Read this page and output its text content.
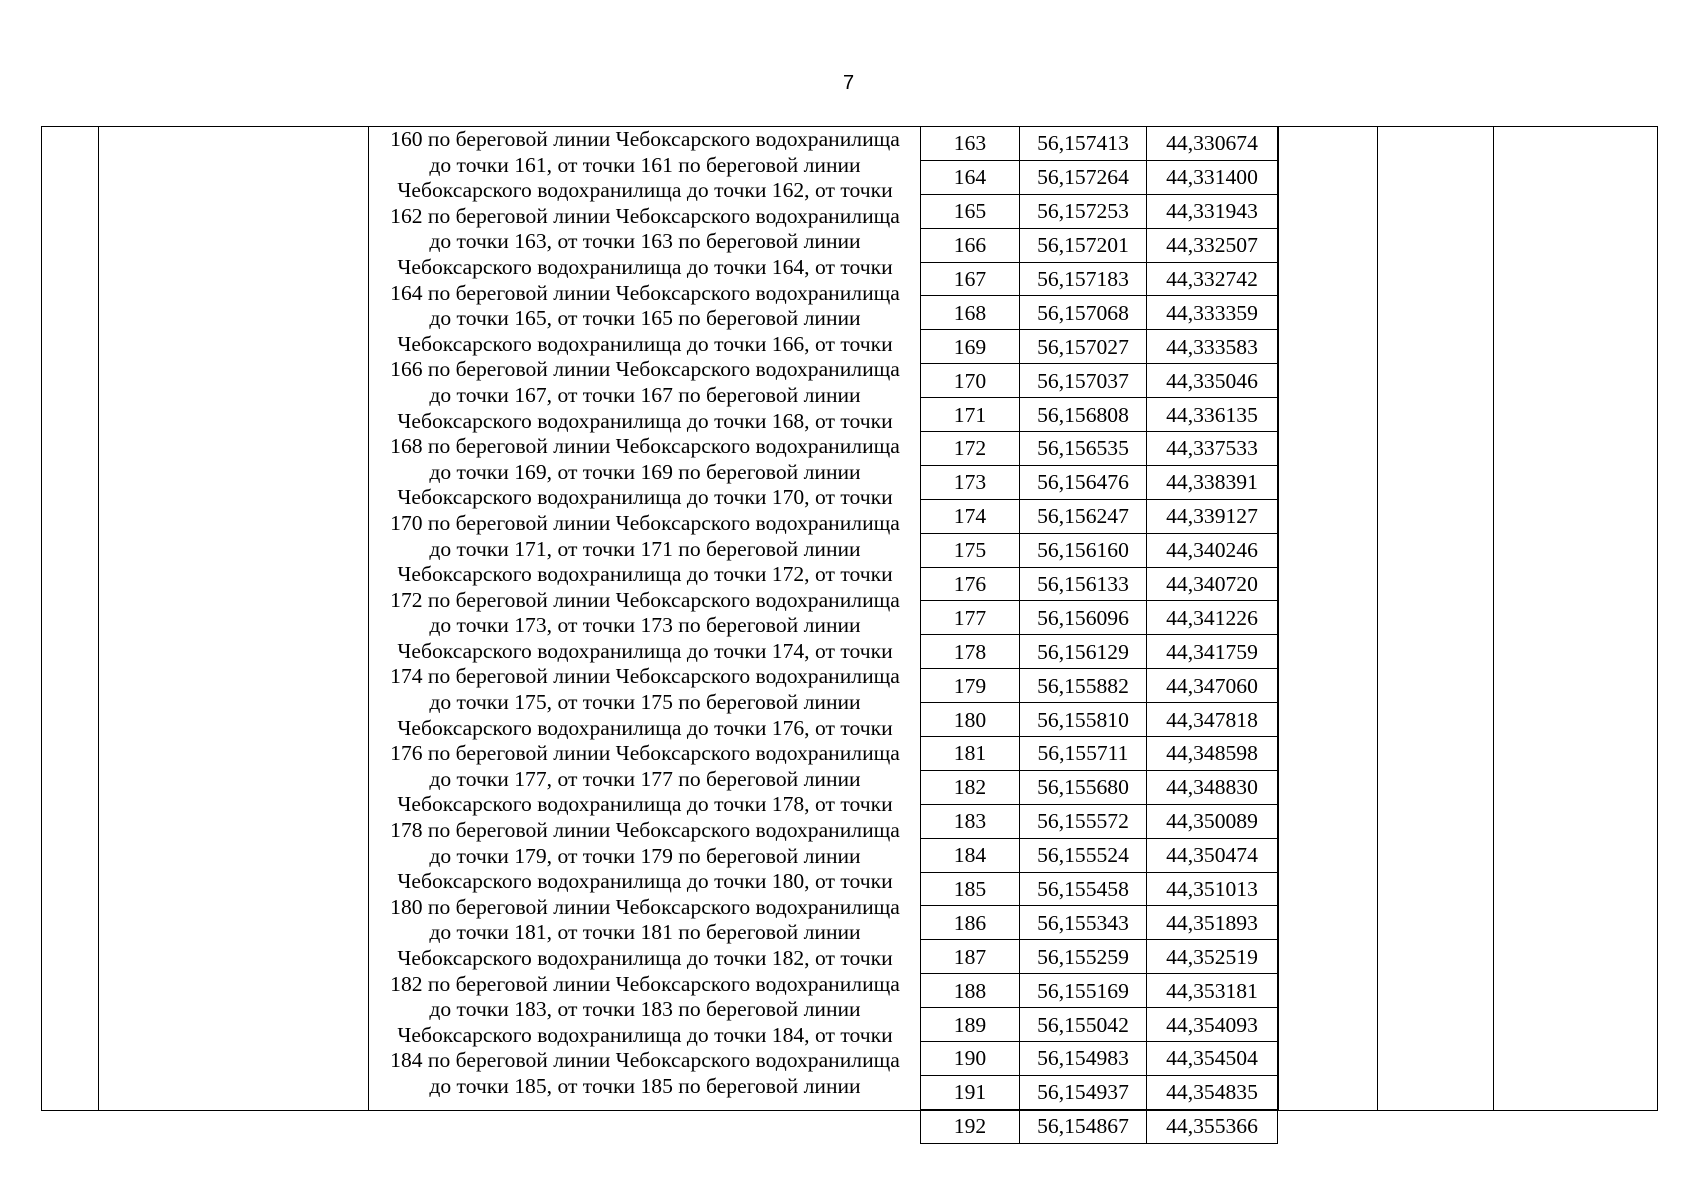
7
160 по береговой линии Чебоксарского водохранилища
до точки 161, от точки 161 по береговой линии
Чебоксарского водохранилища до точки 162, от точки
162 по береговой линии Чебоксарского водохранилища
до точки 163, от точки 163 по береговой линии
Чебоксарского водохранилища до точки 164, от точки
164 по береговой линии Чебоксарского водохранилища
до точки 165, от точки 165 по береговой линии
Чебоксарского водохранилища до точки 166, от точки
166 по береговой линии Чебоксарского водохранилища
до точки 167, от точки 167 по береговой линии
Чебоксарского водохранилища до точки 168, от точки
168 по береговой линии Чебоксарского водохранилища
до точки 169, от точки 169 по береговой линии
Чебоксарского водохранилища до точки 170, от точки
170 по береговой линии Чебоксарского водохранилища
до точки 171, от точки 171 по береговой линии
Чебоксарского водохранилища до точки 172, от точки
172 по береговой линии Чебоксарского водохранилища
до точки 173, от точки 173 по береговой линии
Чебоксарского водохранилища до точки 174, от точки
174 по береговой линии Чебоксарского водохранилища
до точки 175, от точки 175 по береговой линии
Чебоксарского водохранилища до точки 176, от точки
176 по береговой линии Чебоксарского водохранилища
до точки 177, от точки 177 по береговой линии
Чебоксарского водохранилища до точки 178, от точки
178 по береговой линии Чебоксарского водохранилища
до точки 179, от точки 179 по береговой линии
Чебоксарского водохранилища до точки 180, от точки
180 по береговой линии Чебоксарского водохранилища
до точки 181, от точки 181 по береговой линии
Чебоксарского водохранилища до точки 182, от точки
182 по береговой линии Чебоксарского водохранилища
до точки 183, от точки 183 по береговой линии
Чебоксарского водохранилища до точки 184, от точки
184 по береговой линии Чебоксарского водохранилища
до точки 185, от точки 185 по береговой линии
163	56,157413	44,330674
164	56,157264	44,331400
165	56,157253	44,331943
166	56,157201	44,332507
167	56,157183	44,332742
168	56,157068	44,333359
169	56,157027	44,333583
170	56,157037	44,335046
171	56,156808	44,336135
172	56,156535	44,337533
173	56,156476	44,338391
174	56,156247	44,339127
175	56,156160	44,340246
176	56,156133	44,340720
177	56,156096	44,341226
178	56,156129	44,341759
179	56,155882	44,347060
180	56,155810	44,347818
181	56,155711	44,348598
182	56,155680	44,348830
183	56,155572	44,350089
184	56,155524	44,350474
185	56,155458	44,351013
186	56,155343	44,351893
187	56,155259	44,352519
188	56,155169	44,353181
189	56,155042	44,354093
190	56,154983	44,354504
191	56,154937	44,354835
192	56,154867	44,355366
